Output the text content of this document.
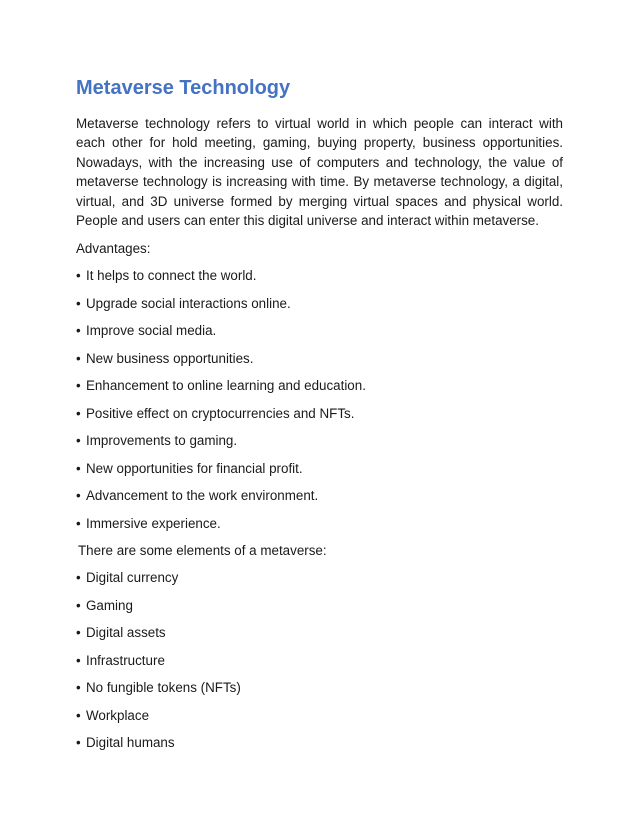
Metaverse Technology

Metaverse technology refers to virtual world in which people can interact with each other for hold meeting, gaming, buying property, business opportunities. Nowadays, with the increasing use of computers and technology, the value of metaverse technology is increasing with time. By metaverse technology, a digital, virtual, and 3D universe formed by merging virtual spaces and physical world. People and users can enter this digital universe and interact within metaverse.

Advantages:

• It helps to connect the world.
• Upgrade social interactions online.
• Improve social media.
• New business opportunities.
• Enhancement to online learning and education.
• Positive effect on cryptocurrencies and NFTs.
• Improvements to gaming.
• New opportunities for financial profit.
• Advancement to the work environment.
• Immersive experience.

There are some elements of a metaverse:

• Digital currency
• Gaming
• Digital assets
• Infrastructure
• No fungible tokens (NFTs)
• Workplace
• Digital humans
